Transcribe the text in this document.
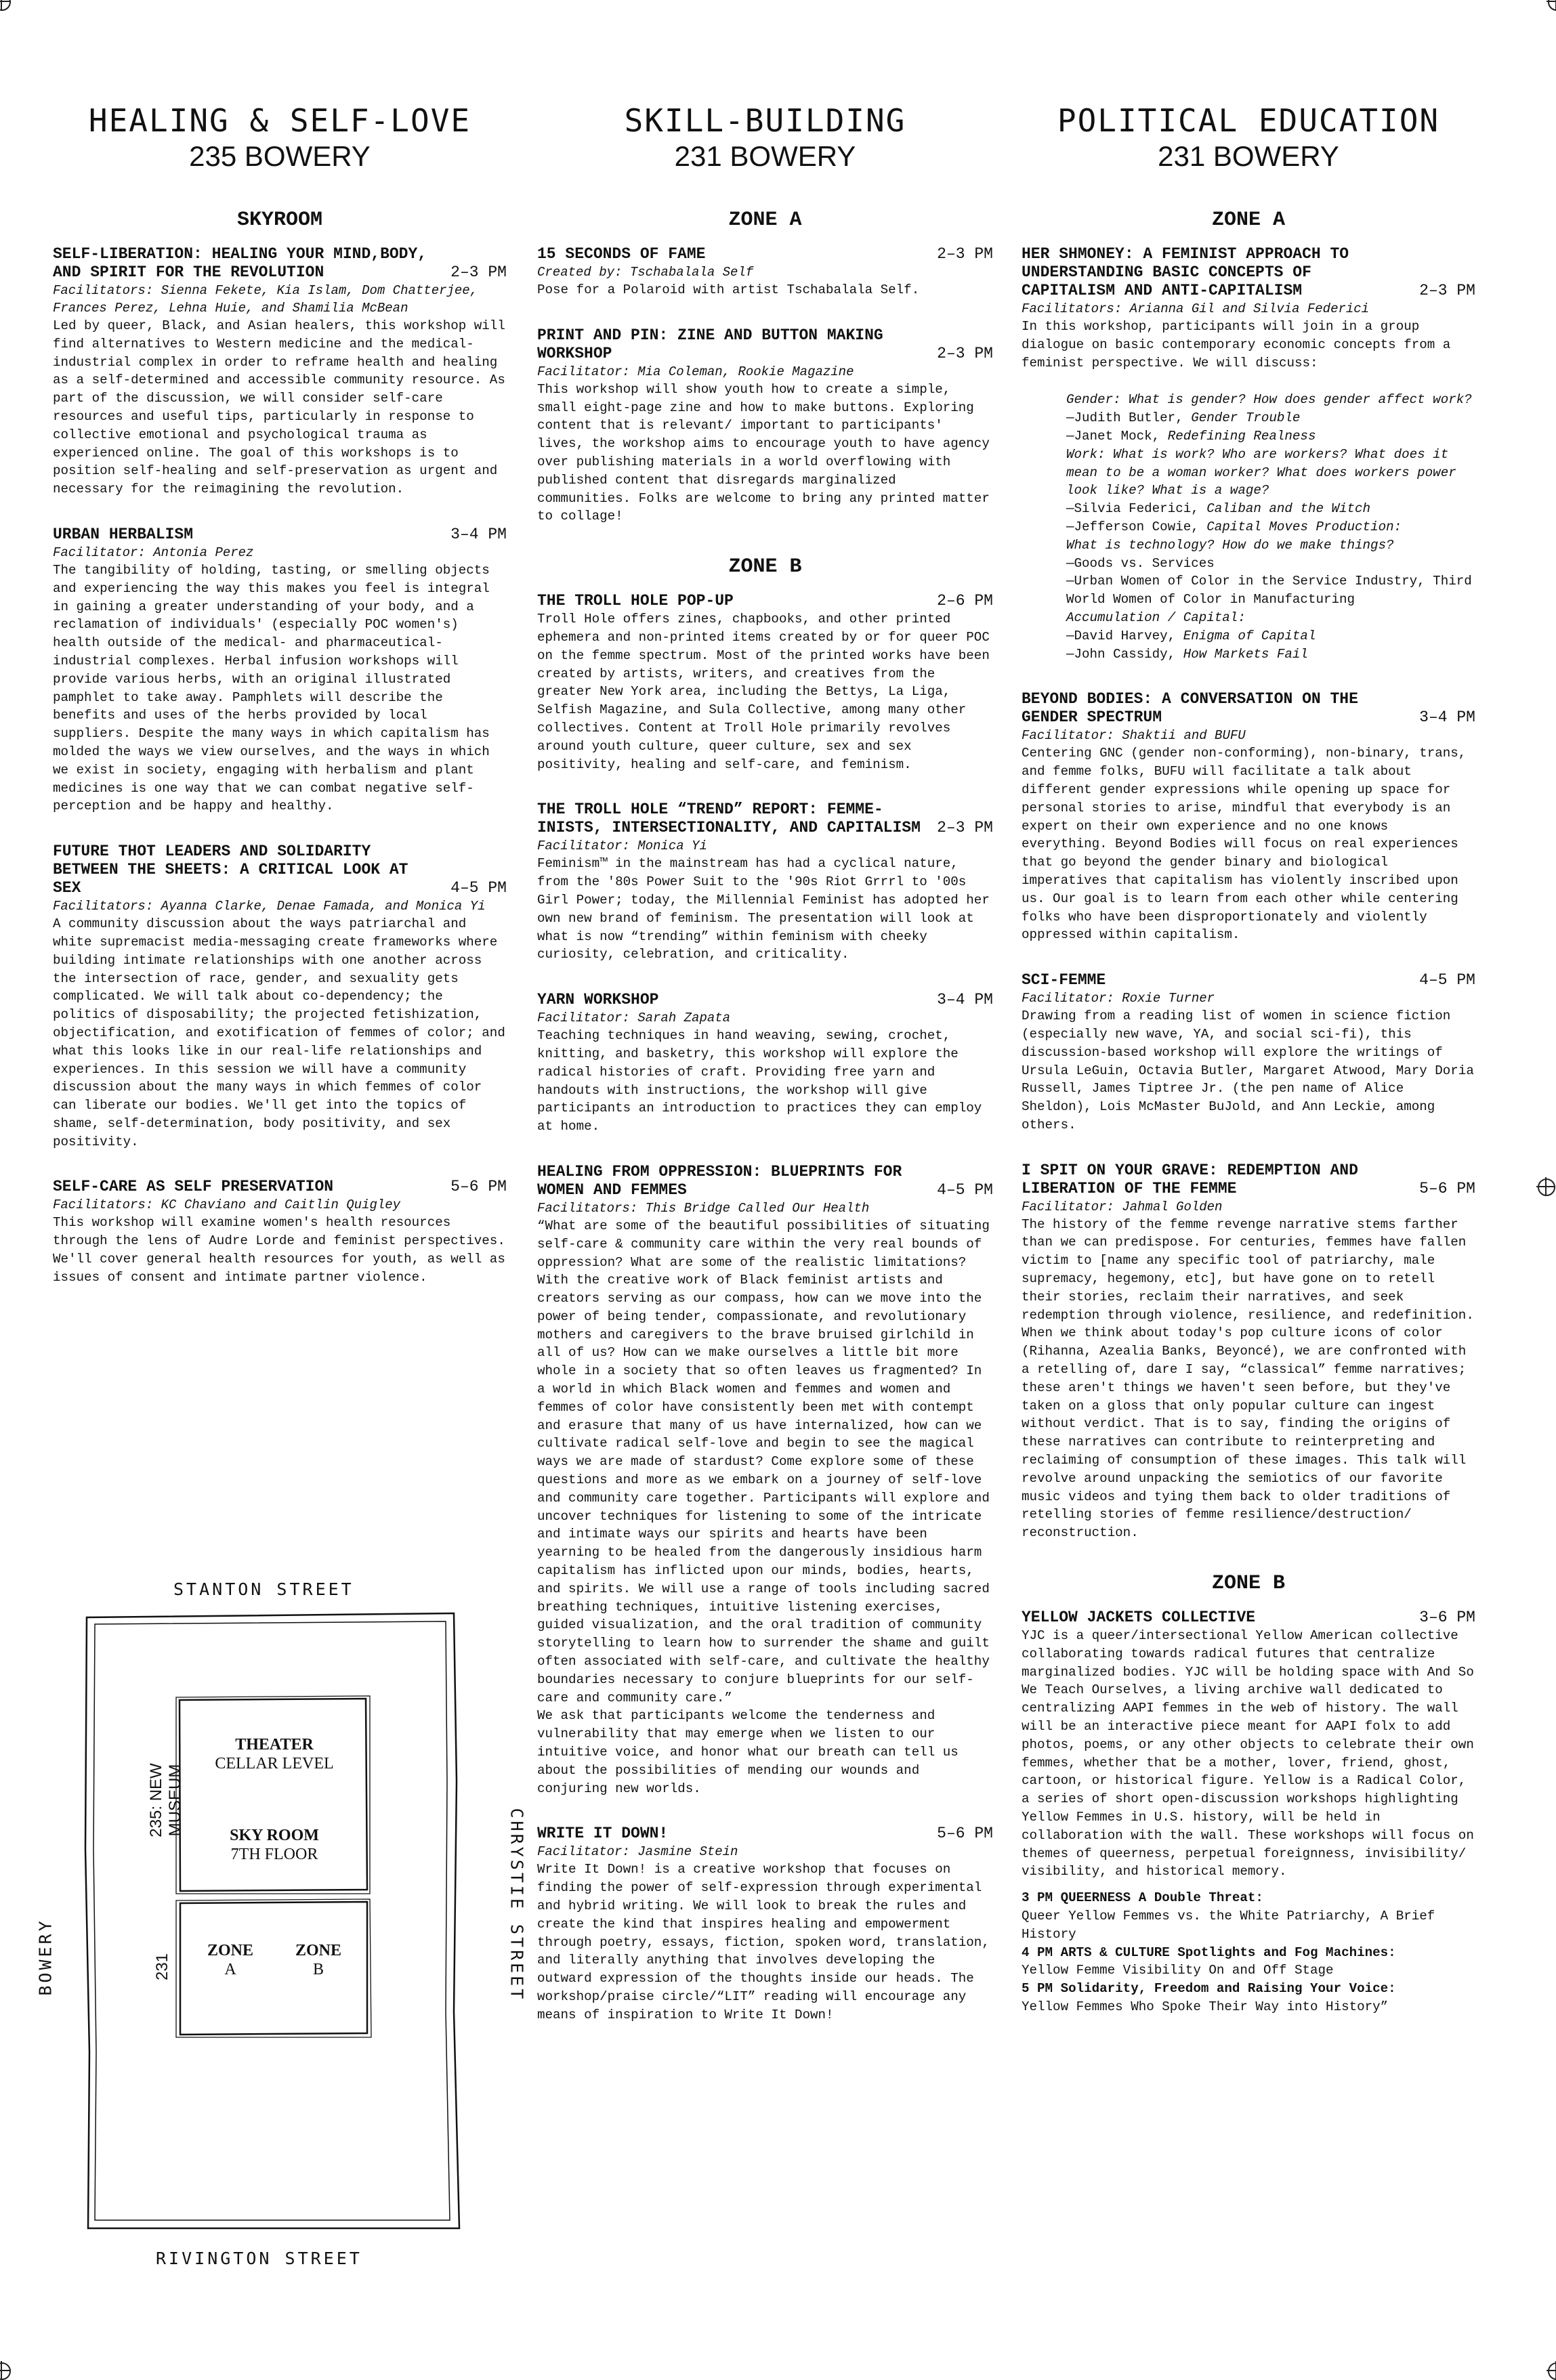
HEALING & SELF-LOVE
235 BOWERY
SKYROOM
SELF-LIBERATION: HEALING YOUR MIND,BODY, AND SPIRIT FOR THE REVOLUTION	2–3 PM
Facilitators: Sienna Fekete, Kia Islam, Dom Chatterjee, Frances Perez, Lehna Huie, and Shamilia McBean
Led by queer, Black, and Asian healers, this workshop will find alternatives to Western medicine and the medical-industrial complex in order to reframe health and healing as a self-determined and accessible community resource. As part of the discussion, we will consider self-care resources and useful tips, particularly in response to collective emotional and psychological trauma as experienced online. The goal of this workshops is to position self-healing and self-preservation as urgent and necessary for the reimagining the revolution.
URBAN HERBALISM	3–4 PM
Facilitator: Antonia Perez
The tangibility of holding, tasting, or smelling objects and experiencing the way this makes you feel is integral in gaining a greater understanding of your body, and a reclamation of individuals' (especially POC women's) health outside of the medical- and pharmaceutical- industrial complexes. Herbal infusion workshops will provide various herbs, with an original illustrated pamphlet to take away. Pamphlets will describe the benefits and uses of the herbs provided by local suppliers. Despite the many ways in which capitalism has molded the ways we view ourselves, and the ways in which we exist in society, engaging with herbalism and plant medicines is one way that we can combat negative self-perception and be happy and healthy.
FUTURE THOT LEADERS AND SOLIDARITY BETWEEN THE SHEETS: A CRITICAL LOOK AT SEX	4–5 PM
Facilitators: Ayanna Clarke, Denae Famada, and Monica Yi
A community discussion about the ways patriarchal and white supremacist media-messaging create frameworks where building intimate relationships with one another across the intersection of race, gender, and sexuality gets complicated. We will talk about co-dependency; the politics of disposability; the projected fetishization, objectification, and exotification of femmes of color; and what this looks like in our real-life relationships and experiences. In this session we will have a community discussion about the many ways in which femmes of color can liberate our bodies. We'll get into the topics of shame, self-determination, body positivity, and sex positivity.
SELF-CARE AS SELF PRESERVATION	5–6 PM
Facilitators: KC Chaviano and Caitlin Quigley
This workshop will examine women's health resources through the lens of Audre Lorde and feminist perspectives. We'll cover general health resources for youth, as well as issues of consent and intimate partner violence.
SKILL-BUILDING
231 BOWERY
ZONE A
15 SECONDS OF FAME	2–3 PM
Created by: Tschabalala Self
Pose for a Polaroid with artist Tschabalala Self.
PRINT AND PIN: ZINE AND BUTTON MAKING WORKSHOP	2–3 PM
Facilitator: Mia Coleman, Rookie Magazine
This workshop will show youth how to create a simple, small eight-page zine and how to make buttons. Exploring content that is relevant/ important to participants' lives, the workshop aims to encourage youth to have agency over publishing materials in a world overflowing with published content that disregards marginalized communities. Folks are welcome to bring any printed matter to collage!
ZONE B
THE TROLL HOLE POP-UP	2–6 PM
Troll Hole offers zines, chapbooks, and other printed ephemera and non-printed items created by or for queer POC on the femme spectrum. Most of the printed works have been created by artists, writers, and creatives from the greater New York area, including the Bettys, La Liga, Selfish Magazine, and Sula Collective, among many other collectives. Content at Troll Hole primarily revolves around youth culture, queer culture, sex and sex positivity, healing and self-care, and feminism.
THE TROLL HOLE “TREND” REPORT: FEMME-INISTS, INTERSECTIONALITY, AND CAPITALISM	2–3 PM
Facilitator: Monica Yi
Feminism™ in the mainstream has had a cyclical nature, from the '80s Power Suit to the '90s Riot Grrrl to '00s Girl Power; today, the Millennial Feminist has adopted her own new brand of feminism. The presentation will look at what is now “trending” within feminism with cheeky curiosity, celebration, and criticality.
YARN WORKSHOP	3–4 PM
Facilitator: Sarah Zapata
Teaching techniques in hand weaving, sewing, crochet, knitting, and basketry, this workshop will explore the radical histories of craft. Providing free yarn and handouts with instructions, the workshop will give participants an introduction to practices they can employ at home.
HEALING FROM OPPRESSION: BLUEPRINTS FOR WOMEN AND FEMMES	4–5 PM
Facilitators: This Bridge Called Our Health
“What are some of the beautiful possibilities of situating self-care & community care within the very real bounds of oppression? What are some of the realistic limitations? With the creative work of Black feminist artists and creators serving as our compass, how can we move into the power of being tender, compassionate, and revolutionary mothers and caregivers to the brave bruised girlchild in all of us? How can we make ourselves a little bit more whole in a society that so often leaves us fragmented? In a world in which Black women and femmes and women and femmes of color have consistently been met with contempt and erasure that many of us have internalized, how can we cultivate radical self-love and begin to see the magical ways we are made of stardust? Come explore some of these questions and more as we embark on a journey of self-love and community care together. Participants will explore and uncover techniques for listening to some of the intricate and intimate ways our spirits and hearts have been yearning to be healed from the dangerously insidious harm capitalism has inflicted upon our minds, bodies, hearts, and spirits. We will use a range of tools including sacred breathing techniques, intuitive listening exercises, guided visualization, and the oral tradition of community storytelling to learn how to surrender the shame and guilt often associated with self-care, and cultivate the healthy boundaries necessary to conjure blueprints for our self-care and community care.”
We ask that participants welcome the tenderness and vulnerability that may emerge when we listen to our intuitive voice, and honor what our breath can tell us about the possibilities of mending our wounds and conjuring new worlds.
WRITE IT DOWN!	5–6 PM
Facilitator: Jasmine Stein
Write It Down! is a creative workshop that focuses on finding the power of self-expression through experimental and hybrid writing. We will look to break the rules and create the kind that inspires healing and empowerment through poetry, essays, fiction, spoken word, translation, and literally anything that involves developing the outward expression of the thoughts inside our heads. The workshop/praise circle/“LIT” reading will encourage any means of inspiration to Write It Down!
POLITICAL EDUCATION
231 BOWERY
ZONE A
HER SHMONEY: A FEMINIST APPROACH TO UNDERSTANDING BASIC CONCEPTS OF CAPITALISM AND ANTI-CAPITALISM	2–3 PM
Facilitators: Arianna Gil and Silvia Federici
In this workshop, participants will join in a group dialogue on basic contemporary economic concepts from a feminist perspective. We will discuss:
Gender: What is gender? How does gender affect work?
—Judith Butler, Gender Trouble
—Janet Mock, Redefining Realness
Work: What is work? Who are workers? What does it mean to be a woman worker? What does workers power look like? What is a wage?
—Silvia Federici, Caliban and the Witch
—Jefferson Cowie, Capital Moves Production:
What is technology? How do we make things?
—Goods vs. Services
—Urban Women of Color in the Service Industry, Third World Women of Color in Manufacturing
Accumulation / Capital:
—David Harvey, Enigma of Capital
—John Cassidy, How Markets Fail
BEYOND BODIES: A CONVERSATION ON THE GENDER SPECTRUM	3–4 PM
Facilitator: Shaktii and BUFU
Centering GNC (gender non-conforming), non-binary, trans, and femme folks, BUFU will facilitate a talk about different gender expressions while opening up space for personal stories to arise, mindful that everybody is an expert on their own experience and no one knows everything. Beyond Bodies will focus on real experiences that go beyond the gender binary and biological imperatives that capitalism has violently inscribed upon us. Our goal is to learn from each other while centering folks who have been disproportionately and violently oppressed within capitalism.
SCI-FEMME	4–5 PM
Facilitator: Roxie Turner
Drawing from a reading list of women in science fiction (especially new wave, YA, and social sci-fi), this discussion-based workshop will explore the writings of Ursula LeGuin, Octavia Butler, Margaret Atwood, Mary Doria Russell, James Tiptree Jr. (the pen name of Alice Sheldon), Lois McMaster BuJold, and Ann Leckie, among others.
I SPIT ON YOUR GRAVE: REDEMPTION AND LIBERATION OF THE FEMME	5–6 PM
Facilitator: Jahmal Golden
The history of the femme revenge narrative stems farther than we can predispose. For centuries, femmes have fallen victim to [name any specific tool of patriarchy, male supremacy, hegemony, etc], but have gone on to retell their stories, reclaim their narratives, and seek redemption through violence, resilience, and redefinition. When we think about today's pop culture icons of color (Rihanna, Azealia Banks, Beyoncé), we are confronted with a retelling of, dare I say, “classical” femme narratives; these aren't things we haven't seen before, but they've taken on a gloss that only popular culture can ingest without verdict. That is to say, finding the origins of these narratives can contribute to reinterpreting and reclaiming of consumption of these images. This talk will revolve around unpacking the semiotics of our favorite music videos and tying them back to older traditions of retelling stories of femme resilience/destruction/ reconstruction.
ZONE B
YELLOW JACKETS COLLECTIVE	3–6 PM
YJC is a queer/intersectional Yellow American collective collaborating towards radical futures that centralize marginalized bodies. YJC will be holding space with And So We Teach Ourselves, a living archive wall dedicated to centralizing AAPI femmes in the web of history. The wall will be an interactive piece meant for AAPI folx to add photos, poems, or any other objects to celebrate their own femmes, whether that be a mother, lover, friend, ghost, cartoon, or historical figure. Yellow is a Radical Color, a series of short open-discussion workshops highlighting Yellow Femmes in U.S. history, will be held in collaboration with the wall. These workshops will focus on themes of queerness, perpetual foreignness, invisibility/ visibility, and historical memory.
3 PM QUEERNESS A Double Threat:
Queer Yellow Femmes vs. the White Patriarchy, A Brief History
4 PM ARTS & CULTURE Spotlights and Fog Machines:
Yellow Femme Visibility On and Off Stage
5 PM Solidarity, Freedom and Raising Your Voice:
Yellow Femmes Who Spoke Their Way into History”
STANTON STREET
RIVINGTON STREET
BOWERY	CHRYSTIE STREET
235: NEW MUSEUM
231
THEATER
CELLAR LEVEL
SKY ROOM
7TH FLOOR
ZONE
A
ZONE
B
